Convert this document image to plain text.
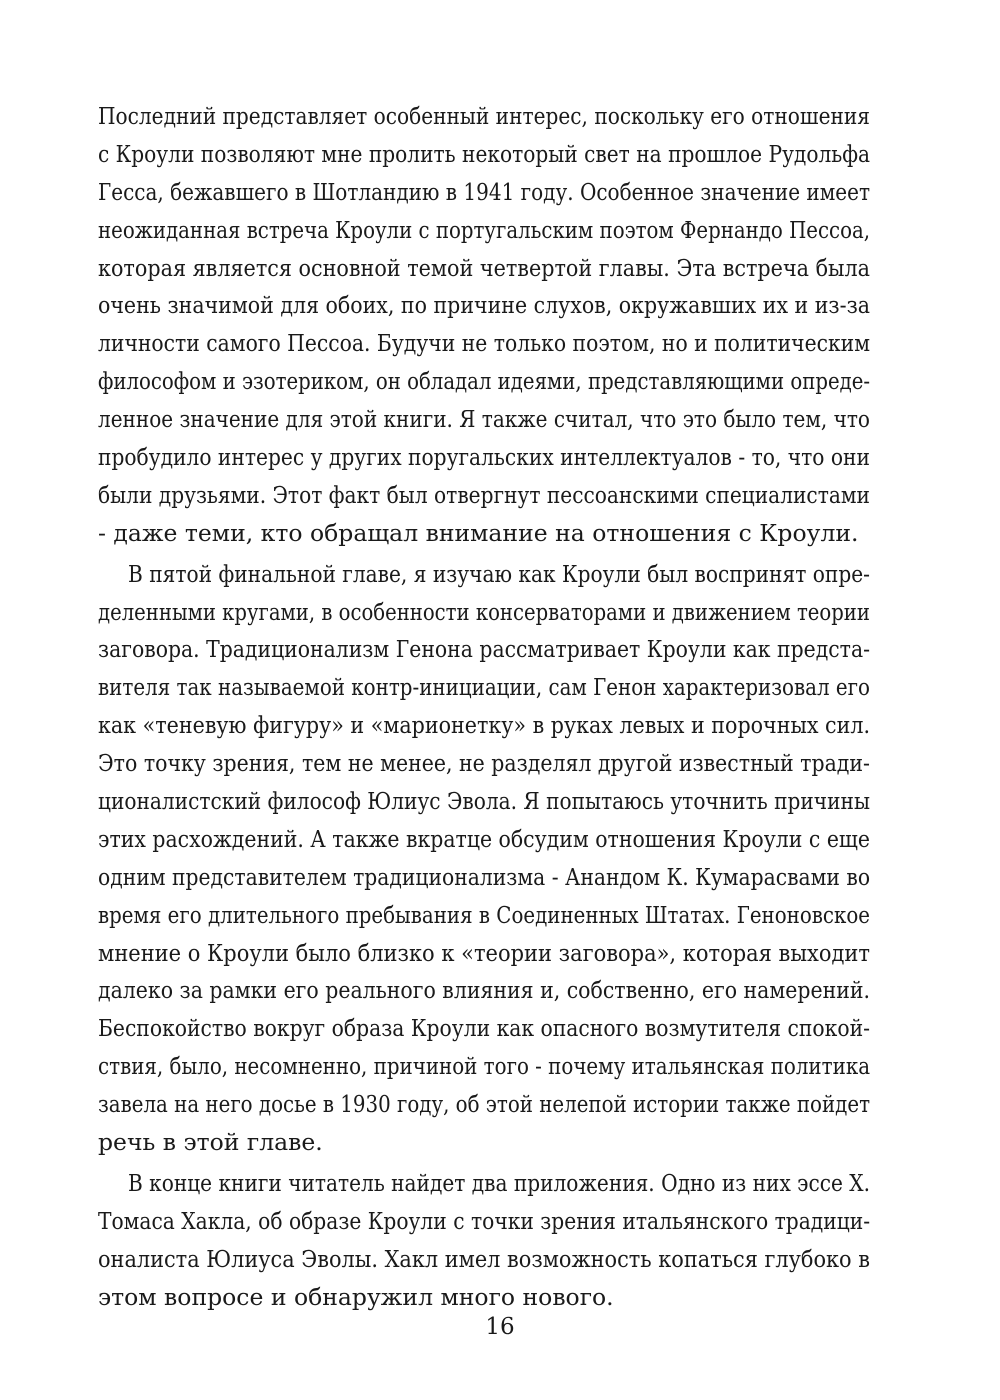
Последний представляет особенный интерес, поскольку его отношения
с Кроули позволяют мне пролить некоторый свет на прошлое Рудольфа
Гесса, бежавшего в Шотландию в 1941 году. Особенное значение имеет
неожиданная встреча Кроули с португальским поэтом Фернандо Пессоа,
которая является основной темой четвертой главы. Эта встреча была
очень значимой для обоих, по причине слухов, окружавших их и из-за
личности самого Пессоа. Будучи не только поэтом, но и политическим
философом и эзотериком, он обладал идеями, представляющими опреде-
ленное значение для этой книги. Я также считал, что это было тем, что
пробудило интерес у других поругальских интеллектуалов - то, что они
были друзьями. Этот факт был отвергнут пессоанскими специалистами
- даже теми, кто обращал внимание на отношения с Кроули.
В пятой финальной главе, я изучаю как Кроули был воспринят опре-
деленными кругами, в особенности консерваторами и движением теории
заговора. Традиционализм Генона рассматривает Кроули как предста-
вителя так называемой контр-инициации, сам Генон характеризовал его
как «теневую фигуру» и «марионетку» в руках левых и порочных сил.
Это точку зрения, тем не менее, не разделял другой известный тради-
ционалистский философ Юлиус Эвола. Я попытаюсь уточнить причины
этих расхождений. А также вкратце обсудим отношения Кроули с еще
одним представителем традиционализма - Анандом К. Кумарасвами во
время его длительного пребывания в Соединенных Штатах. Геноновское
мнение о Кроули было близко к «теории заговора», которая выходит
далеко за рамки его реального влияния и, собственно, его намерений.
Беспокойство вокруг образа Кроули как опасного возмутителя спокой-
ствия, было, несомненно, причиной того - почему итальянская политика
завела на него досье в 1930 году, об этой нелепой истории также пойдет
речь в этой главе.
В конце книги читатель найдет два приложения. Одно из них эссе Х.
Томаса Хакла, об образе Кроули с точки зрения итальянского традици-
оналиста Юлиуса Эволы. Хакл имел возможность копаться глубоко в
этом вопросе и обнаружил много нового.
16
